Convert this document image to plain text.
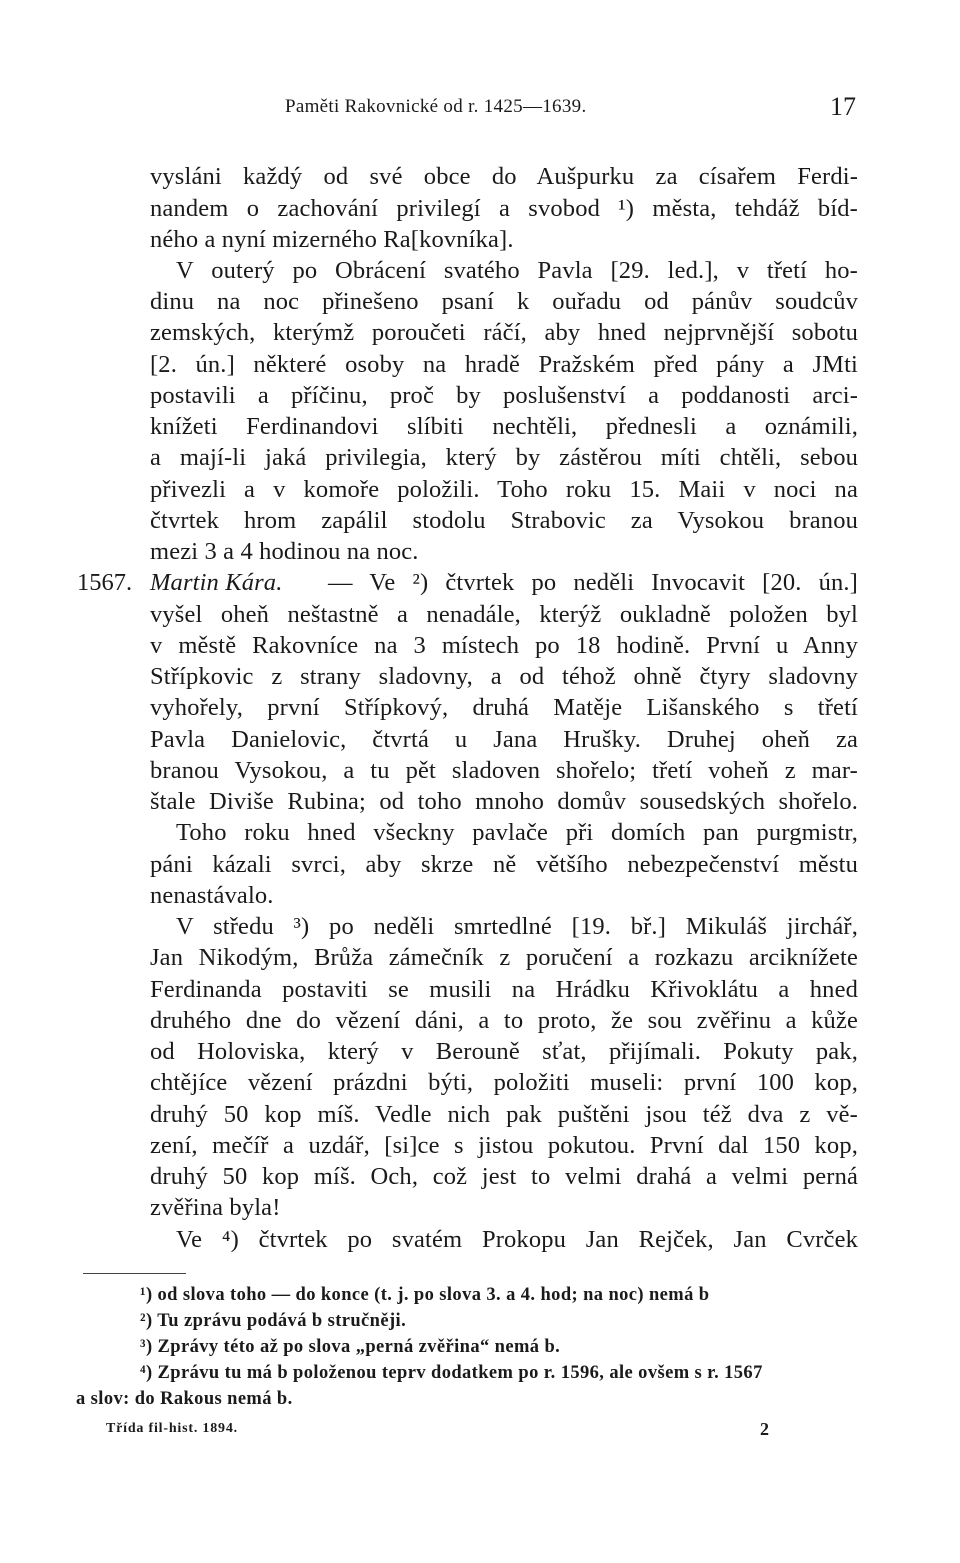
Paměti Rakovnické od r. 1425—1639.	17
vysláni každý od své obce do Aušpurku za císařem Ferdi-
nandem o zachování privilegí a svobod ¹) města, tehdáž bíd-
ného a nyní mizerného Ra[kovníka].
V outerý po Obrácení svatého Pavla [29. led.], v třetí ho-
dinu na noc přinešeno psaní k ouřadu od pánův soudcův
zemských, kterýmž poroučeti ráčí, aby hned nejprvnější sobotu
[2. ún.] některé osoby na hradě Pražském před pány a JMti
postavili a příčinu, proč by poslušenství a poddanosti arci-
knížeti Ferdinandovi slíbiti nechtěli, přednesli a oznámili,
a mají-li jaká privilegia, který by zástěrou míti chtěli, sebou
přivezli a v komoře položili. Toho roku 15. Maii v noci na
čtvrtek hrom zapálil stodolu Strabovic za Vysokou branou
mezi 3 a 4 hodinou na noc.
1567. Martin Kára. — Ve ²) čtvrtek po neděli Invocavit [20. ún.]
vyšel oheň neštastně a nenadále, kterýž oukladně položen byl
v městě Rakovníce na 3 místech po 18 hodině. První u Anny
Střípkovic z strany sladovny, a od téhož ohně čtyry sladovny
vyhořely, první Střípkový, druhá Matěje Lišanského s třetí
Pavla Danielovic, čtvrtá u Jana Hrušky. Druhej oheň za
branou Vysokou, a tu pět sladoven shořelo; třetí voheň z mar-
štale Diviše Rubina; od toho mnoho domův sousedských shořelo.
Toho roku hned všeckny pavlače při domích pan purgmistr,
páni kázali svrci, aby skrze ně většího nebezpečenství městu
nenastávalo.
V středu ³) po neděli smrtedlné [19. bř.] Mikuláš jirchář,
Jan Nikodým, Brůža zámečník z poručení a rozkazu arciknížete
Ferdinanda postaviti se musili na Hrádku Křivoklátu a hned
druhého dne do vězení dáni, a to proto, že sou zvěřinu a kůže
od Holoviska, který v Berouně sťat, přijímali. Pokuty pak,
chtějíce vězení prázdni býti, položiti museli: první 100 kop,
druhý 50 kop míš. Vedle nich pak puštěni jsou též dva z vě-
zení, mečíř a uzdář, [si]ce s jistou pokutou. První dal 150 kop,
druhý 50 kop míš. Och, což jest to velmi drahá a velmi perná
zvěřina byla!
Ve ⁴) čtvrtek po svatém Prokopu Jan Rejček, Jan Cvrček
¹) od slova toho — do konce (t. j. po slova 3. a 4. hod; na noc) nemá b
²) Tu zprávu podává b stručněji.
³) Zprávy této až po slova „perná zvěřina“ nemá b.
⁴) Zprávu tu má b položenou teprv dodatkem po r. 1596, ale ovšem s r. 1567
a slov: do Rakous nemá b.
Třída fil-hist. 1894.	2
